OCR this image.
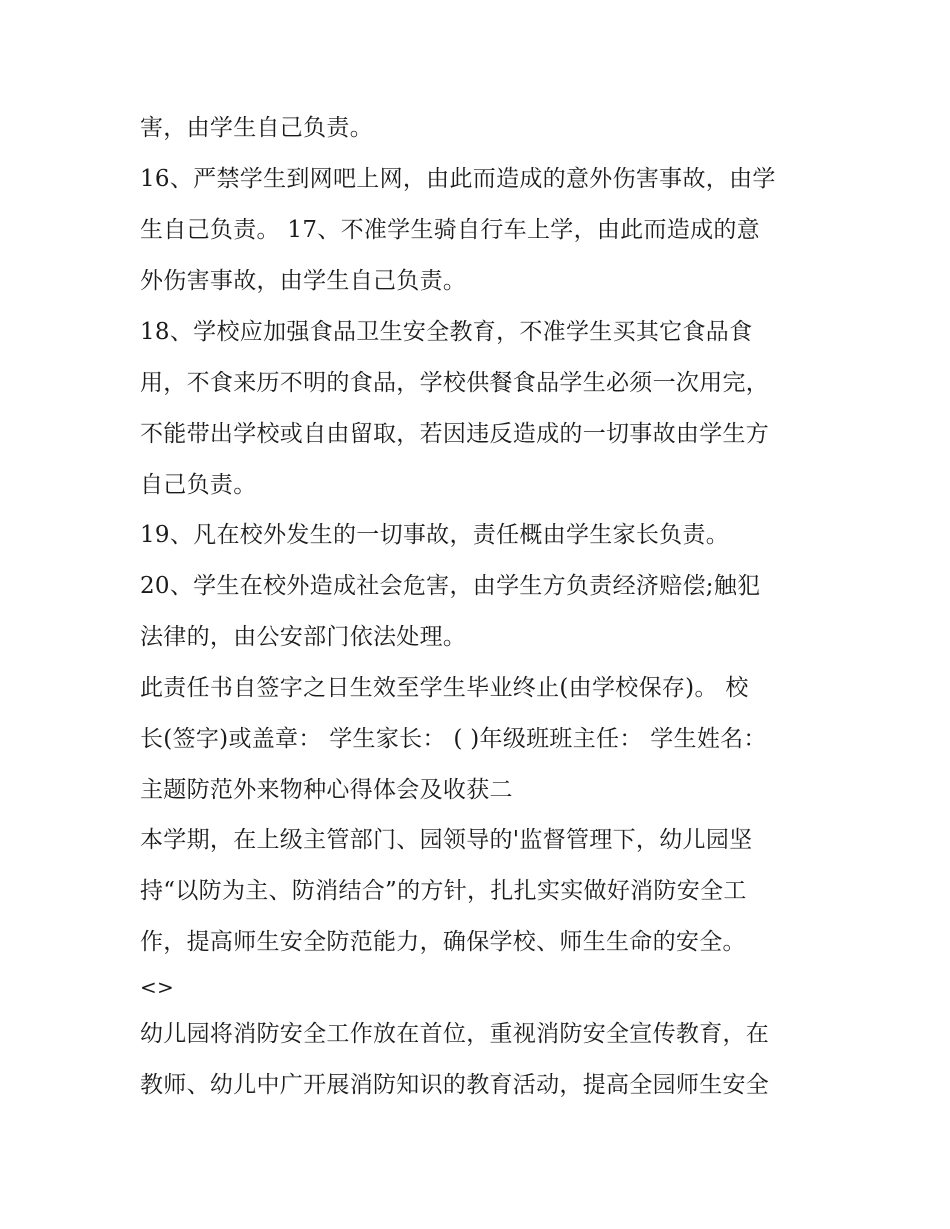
害，由学生自己负责。
16、严禁学生到网吧上网，由此而造成的意外伤害事故，由学
生自己负责。 17、不准学生骑自行车上学，由此而造成的意
外伤害事故，由学生自己负责。
18、学校应加强食品卫生安全教育，不准学生买其它食品食
用，不食来历不明的食品，学校供餐食品学生必须一次用完，
不能带出学校或自由留取，若因违反造成的一切事故由学生方
自己负责。
19、凡在校外发生的一切事故，责任概由学生家长负责。
20、学生在校外造成社会危害，由学生方负责经济赔偿;触犯
法律的，由公安部门依法处理。
此责任书自签字之日生效至学生毕业终止(由学校保存)。 校
长(签字)或盖章： 学生家长： ( )年级班班主任： 学生姓名：
主题防范外来物种心得体会及收获二
本学期，在上级主管部门、园领导的'监督管理下，幼儿园坚
持“以防为主、防消结合”的方针，扎扎实实做好消防安全工
作，提高师生安全防范能力，确保学校、师生生命的安全。
<>
幼儿园将消防安全工作放在首位，重视消防安全宣传教育，在
教师、幼儿中广开展消防知识的教育活动，提高全园师生安全
